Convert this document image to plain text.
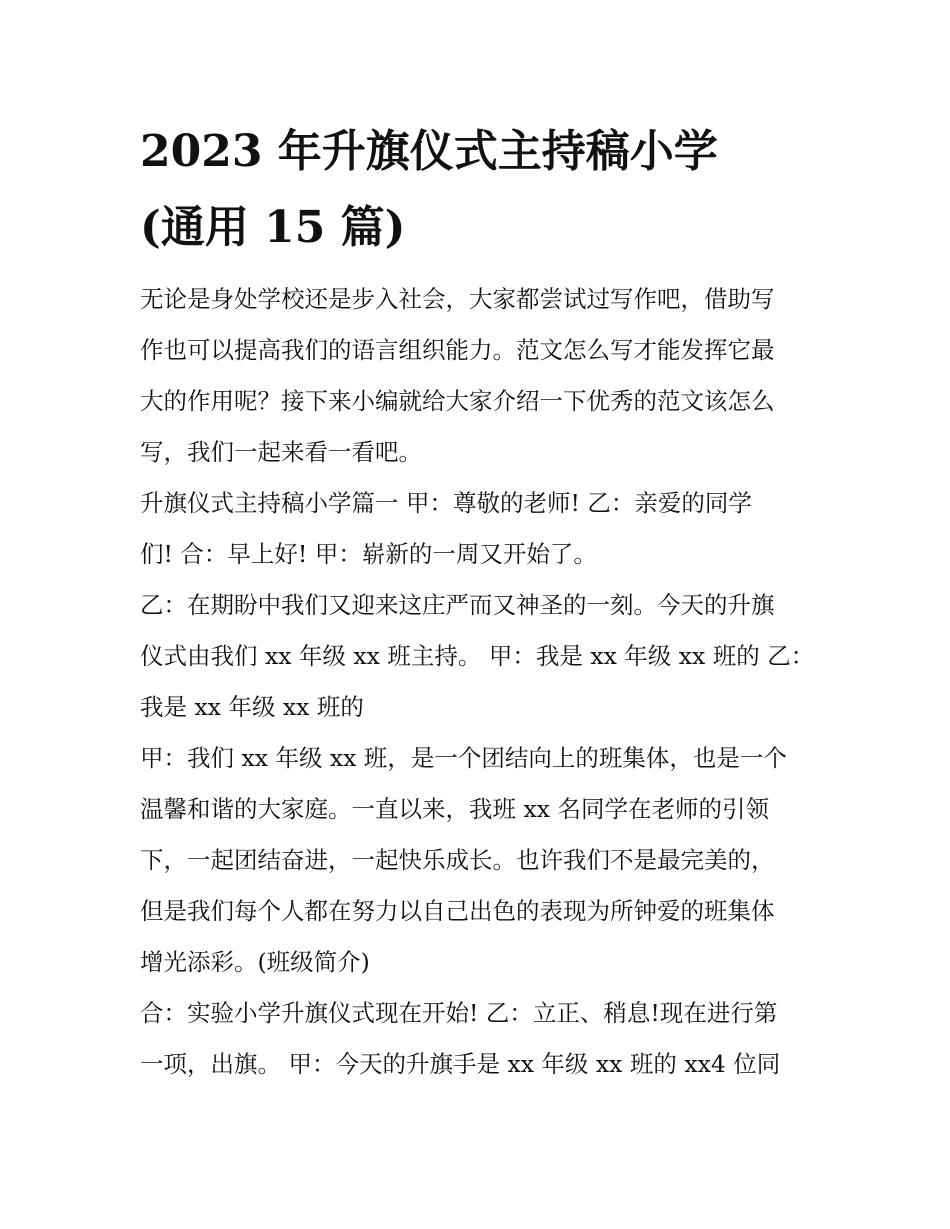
2023 年升旗仪式主持稿小学
(通用 15 篇)
无论是身处学校还是步入社会，大家都尝试过写作吧，借助写
作也可以提高我们的语言组织能力。范文怎么写才能发挥它最
大的作用呢？接下来小编就给大家介绍一下优秀的范文该怎么
写，我们一起来看一看吧。
升旗仪式主持稿小学篇一 甲：尊敬的老师! 乙：亲爱的同学
们! 合：早上好! 甲：崭新的一周又开始了。
乙：在期盼中我们又迎来这庄严而又神圣的一刻。今天的升旗
仪式由我们 xx 年级 xx 班主持。 甲：我是 xx 年级 xx 班的 乙：
我是 xx 年级 xx 班的
甲：我们 xx 年级 xx 班，是一个团结向上的班集体，也是一个
温馨和谐的大家庭。一直以来，我班 xx 名同学在老师的引领
下，一起团结奋进，一起快乐成长。也许我们不是最完美的，
但是我们每个人都在努力以自己出色的表现为所钟爱的班集体
增光添彩。(班级简介)
合：实验小学升旗仪式现在开始! 乙：立正、稍息!现在进行第
一项，出旗。 甲：今天的升旗手是 xx 年级 xx 班的 xx4 位同
